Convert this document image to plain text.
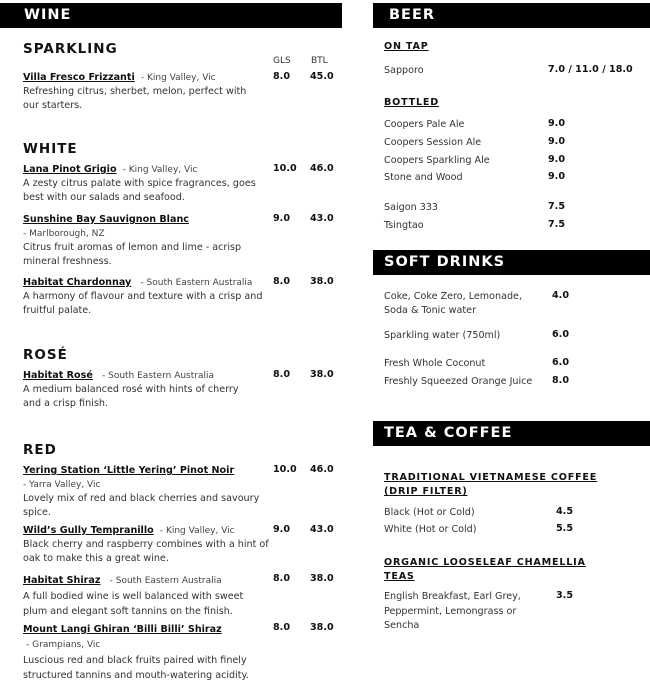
WINE
SPARKLING
GLS BTL
Villa Fresco Frizzanti - King Valley, Vic
Refreshing citrus, sherbet, melon, perfect with our starters.
8.0 45.0
WHITE
Lana Pinot Grigio - King Valley, Vic
A zesty citrus palate with spice fragrances, goes best with our salads and seafood.
10.0 46.0
Sunshine Bay Sauvignon Blanc
- Marlborough, NZ
Citrus fruit aromas of lemon and lime - acrisp mineral freshness.
9.0 43.0
Habitat Chardonnay - South Eastern Australia
A harmony of flavour and texture with a crisp and fruitful palate.
8.0 38.0
ROSÉ
Habitat Rosé - South Eastern Australia
A medium balanced rosé with hints of cherry and a crisp finish.
8.0 38.0
RED
Yering Station ‘Little Yering’ Pinot Noir
- Yarra Valley, Vic
Lovely mix of red and black cherries and savoury spice.
10.0 46.0
Wild’s Gully Tempranillo - King Valley, Vic
Black cherry and raspberry combines with a hint of oak to make this a great wine.
9.0 43.0
Habitat Shiraz - South Eastern Australia
A full bodied wine is well balanced with sweet plum and elegant soft tannins on the finish.
8.0 38.0
Mount Langi Ghiran ‘Billi Billi’ Shiraz
- Grampians, Vic
Luscious red and black fruits paired with finely structured tannins and mouth-watering acidity.
8.0 38.0
BEER
ON TAP
Sapporo	7.0 / 11.0 / 18.0
BOTTLED
Coopers Pale Ale	9.0
Coopers Session Ale	9.0
Coopers Sparkling Ale	9.0
Stone and Wood	9.0
Saigon 333	7.5
Tsingtao	7.5
SOFT DRINKS
Coke, Coke Zero, Lemonade, Soda & Tonic water
4.0
Sparkling water (750ml)	6.0
Fresh Whole Coconut	6.0
Freshly Squeezed Orange Juice 8.0
TEA & COFFEE
TRADITIONAL VIETNAMESE COFFEE (DRIP FILTER)
Black (Hot or Cold)	4.5
White (Hot or Cold)	5.5
ORGANIC LOOSELEAF CHAMELLIA TEAS
English Breakfast, Earl Grey, Peppermint, Lemongrass or Sencha
3.5
